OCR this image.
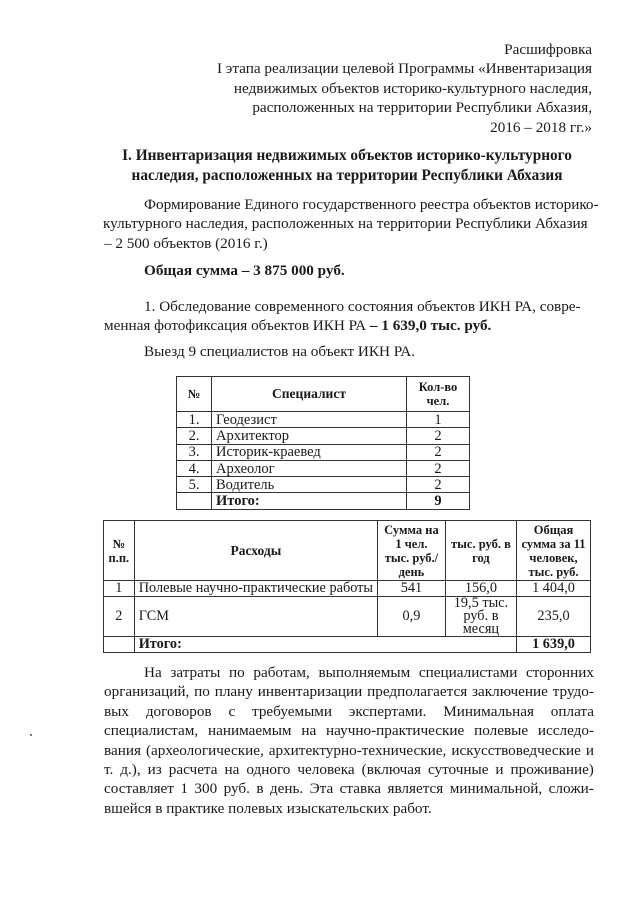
Расшифровка
I этапа реализации целевой Программы «Инвентаризация
недвижимых объектов историко-культурного наследия,
расположенных на территории Республики Абхазия,
2016 – 2018 гг.»
I. Инвентаризация недвижимых объектов историко-культурного
наследия, расположенных на территории Республики Абхазия
Формирование Единого государственного реестра объектов историко-
культурного наследия, расположенных на территории Республики Абхазия
– 2 500 объектов (2016 г.)
Общая сумма – 3 875 000 руб.
1. Обследование современного состояния объектов ИКН РА, совре-
менная фотофиксация объектов ИКН РА – 1 639,0 тыс. руб.
Выезд 9 специалистов на объект ИКН РА.
№	Специалист	Кол-во чел.
1.	Геодезист	1
2.	Архитектор	2
3.	Историк-краевед	2
4.	Археолог	2
5.	Водитель	2
	Итого:	9
№ п.п.	Расходы	Сумма на 1 чел. тыс. руб./день	тыс. руб. в год	Общая сумма за 11 человек, тыс. руб.
1	Полевые научно-практические работы	541	156,0	1 404,0
2	ГСМ	0,9	19,5 тыс. руб. в месяц	235,0
	Итого:			1 639,0
На затраты по работам, выполняемым специалистами сторонних
организаций, по плану инвентаризации предполагается заключение трудо-
вых договоров с требуемыми экспертами. Минимальная оплата
специалистам, нанимаемым на научно-практические полевые исследо-
вания (археологические, архитектурно-технические, искусствоведческие и
т. д.), из расчета на одного человека (включая суточные и проживание)
составляет 1 300 руб. в день. Эта ставка является минимальной, сложи-
вшейся в практике полевых изыскательских работ.
